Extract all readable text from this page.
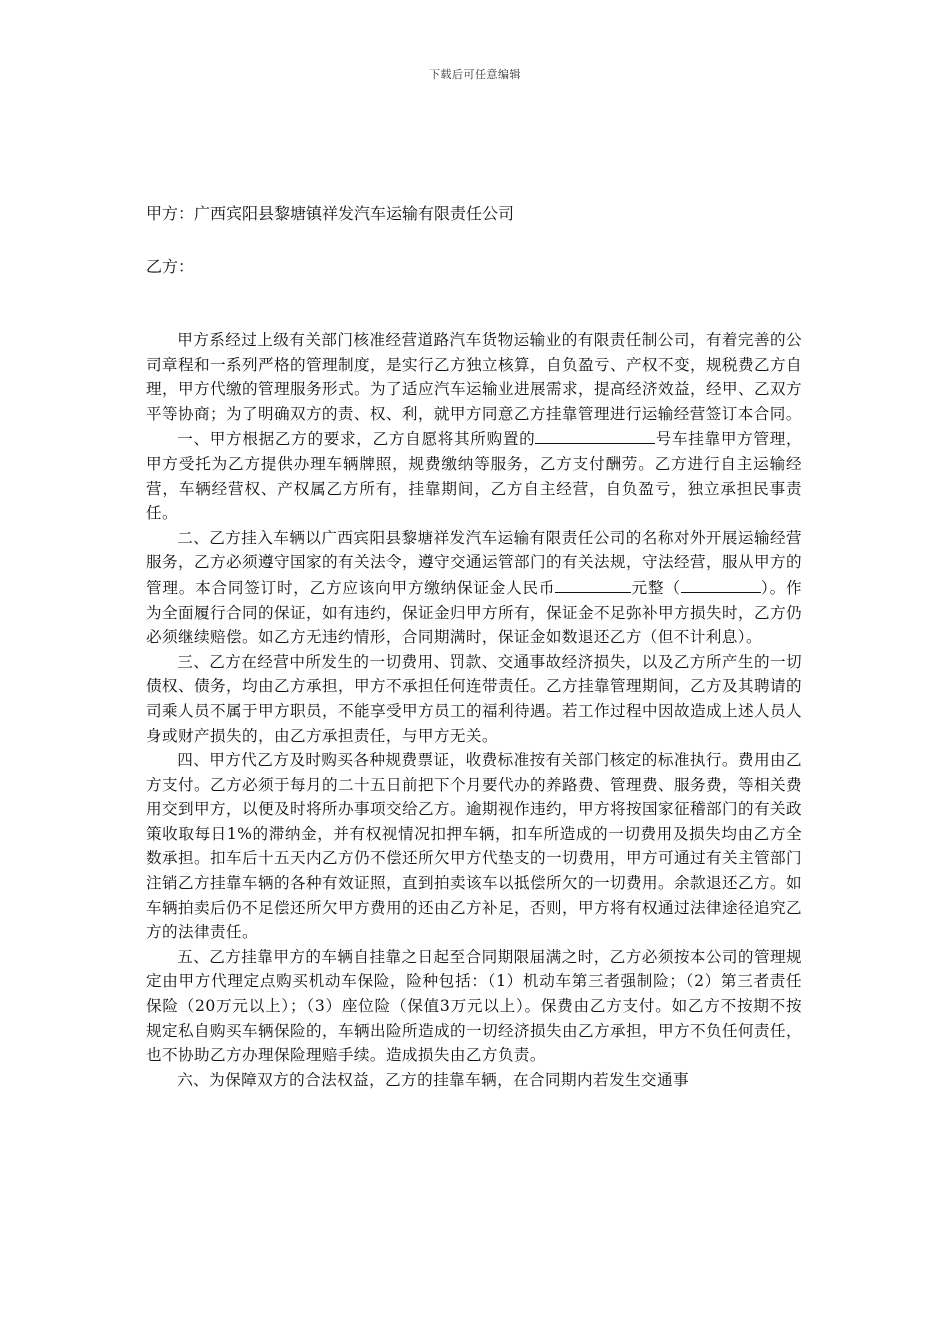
下载后可任意编辑
甲方：广西宾阳县黎塘镇祥发汽车运输有限责任公司
乙方：

甲方系经过上级有关部门核准经营道路汽车货物运输业的有限责任制公司，有着完善的公司章程和一系列严格的管理制度，是实行乙方独立核算，自负盈亏、产权不变，规税费乙方自理，甲方代缴的管理服务形式。为了适应汽车运输业进展需求，提高经济效益，经甲、乙双方平等协商；为了明确双方的责、权、利，就甲方同意乙方挂靠管理进行运输经营签订本合同。

一、甲方根据乙方的要求，乙方自愿将其所购置的	号车挂靠甲方管理，甲方受托为乙方提供办理车辆牌照，规费缴纳等服务，乙方支付酬劳。乙方进行自主运输经营，车辆经营权、产权属乙方所有，挂靠期间，乙方自主经营，自负盈亏，独立承担民事责任。

二、乙方挂入车辆以广西宾阳县黎塘祥发汽车运输有限责任公司的名称对外开展运输经营服务，乙方必须遵守国家的有关法令，遵守交通运管部门的有关法规，守法经营，服从甲方的管理。本合同签订时，乙方应该向甲方缴纳保证金人民币	元整（	）。作为全面履行合同的保证，如有违约，保证金归甲方所有，保证金不足弥补甲方损失时，乙方仍必须继续赔偿。如乙方无违约情形，合同期满时，保证金如数退还乙方（但不计利息）。

三、乙方在经营中所发生的一切费用、罚款、交通事故经济损失，以及乙方所产生的一切债权、债务，均由乙方承担，甲方不承担任何连带责任。乙方挂靠管理期间，乙方及其聘请的司乘人员不属于甲方职员，不能享受甲方员工的福利待遇。若工作过程中因故造成上述人员人身或财产损失的，由乙方承担责任，与甲方无关。

四、甲方代乙方及时购买各种规费票证，收费标准按有关部门核定的标准执行。费用由乙方支付。乙方必须于每月的二十五日前把下个月要代办的养路费、管理费、服务费，等相关费用交到甲方，以便及时将所办事项交给乙方。逾期视作违约，甲方将按国家征稽部门的有关政策收取每日1%的滞纳金，并有权视情况扣押车辆，扣车所造成的一切费用及损失均由乙方全数承担。扣车后十五天内乙方仍不偿还所欠甲方代垫支的一切费用，甲方可通过有关主管部门注销乙方挂靠车辆的各种有效证照，直到拍卖该车以抵偿所欠的一切费用。余款退还乙方。如车辆拍卖后仍不足偿还所欠甲方费用的还由乙方补足，否则，甲方将有权通过法律途径追究乙方的法律责任。

五、乙方挂靠甲方的车辆自挂靠之日起至合同期限届满之时，乙方必须按本公司的管理规定由甲方代理定点购买机动车保险，险种包括：（1）机动车第三者强制险；（2）第三者责任保险（20万元以上）；（3）座位险（保值3万元以上）。保费由乙方支付。如乙方不按期不按规定私自购买车辆保险的，车辆出险所造成的一切经济损失由乙方承担，甲方不负任何责任，也不协助乙方办理保险理赔手续。造成损失由乙方负责。

六、为保障双方的合法权益，乙方的挂靠车辆，在合同期内若发生交通事
